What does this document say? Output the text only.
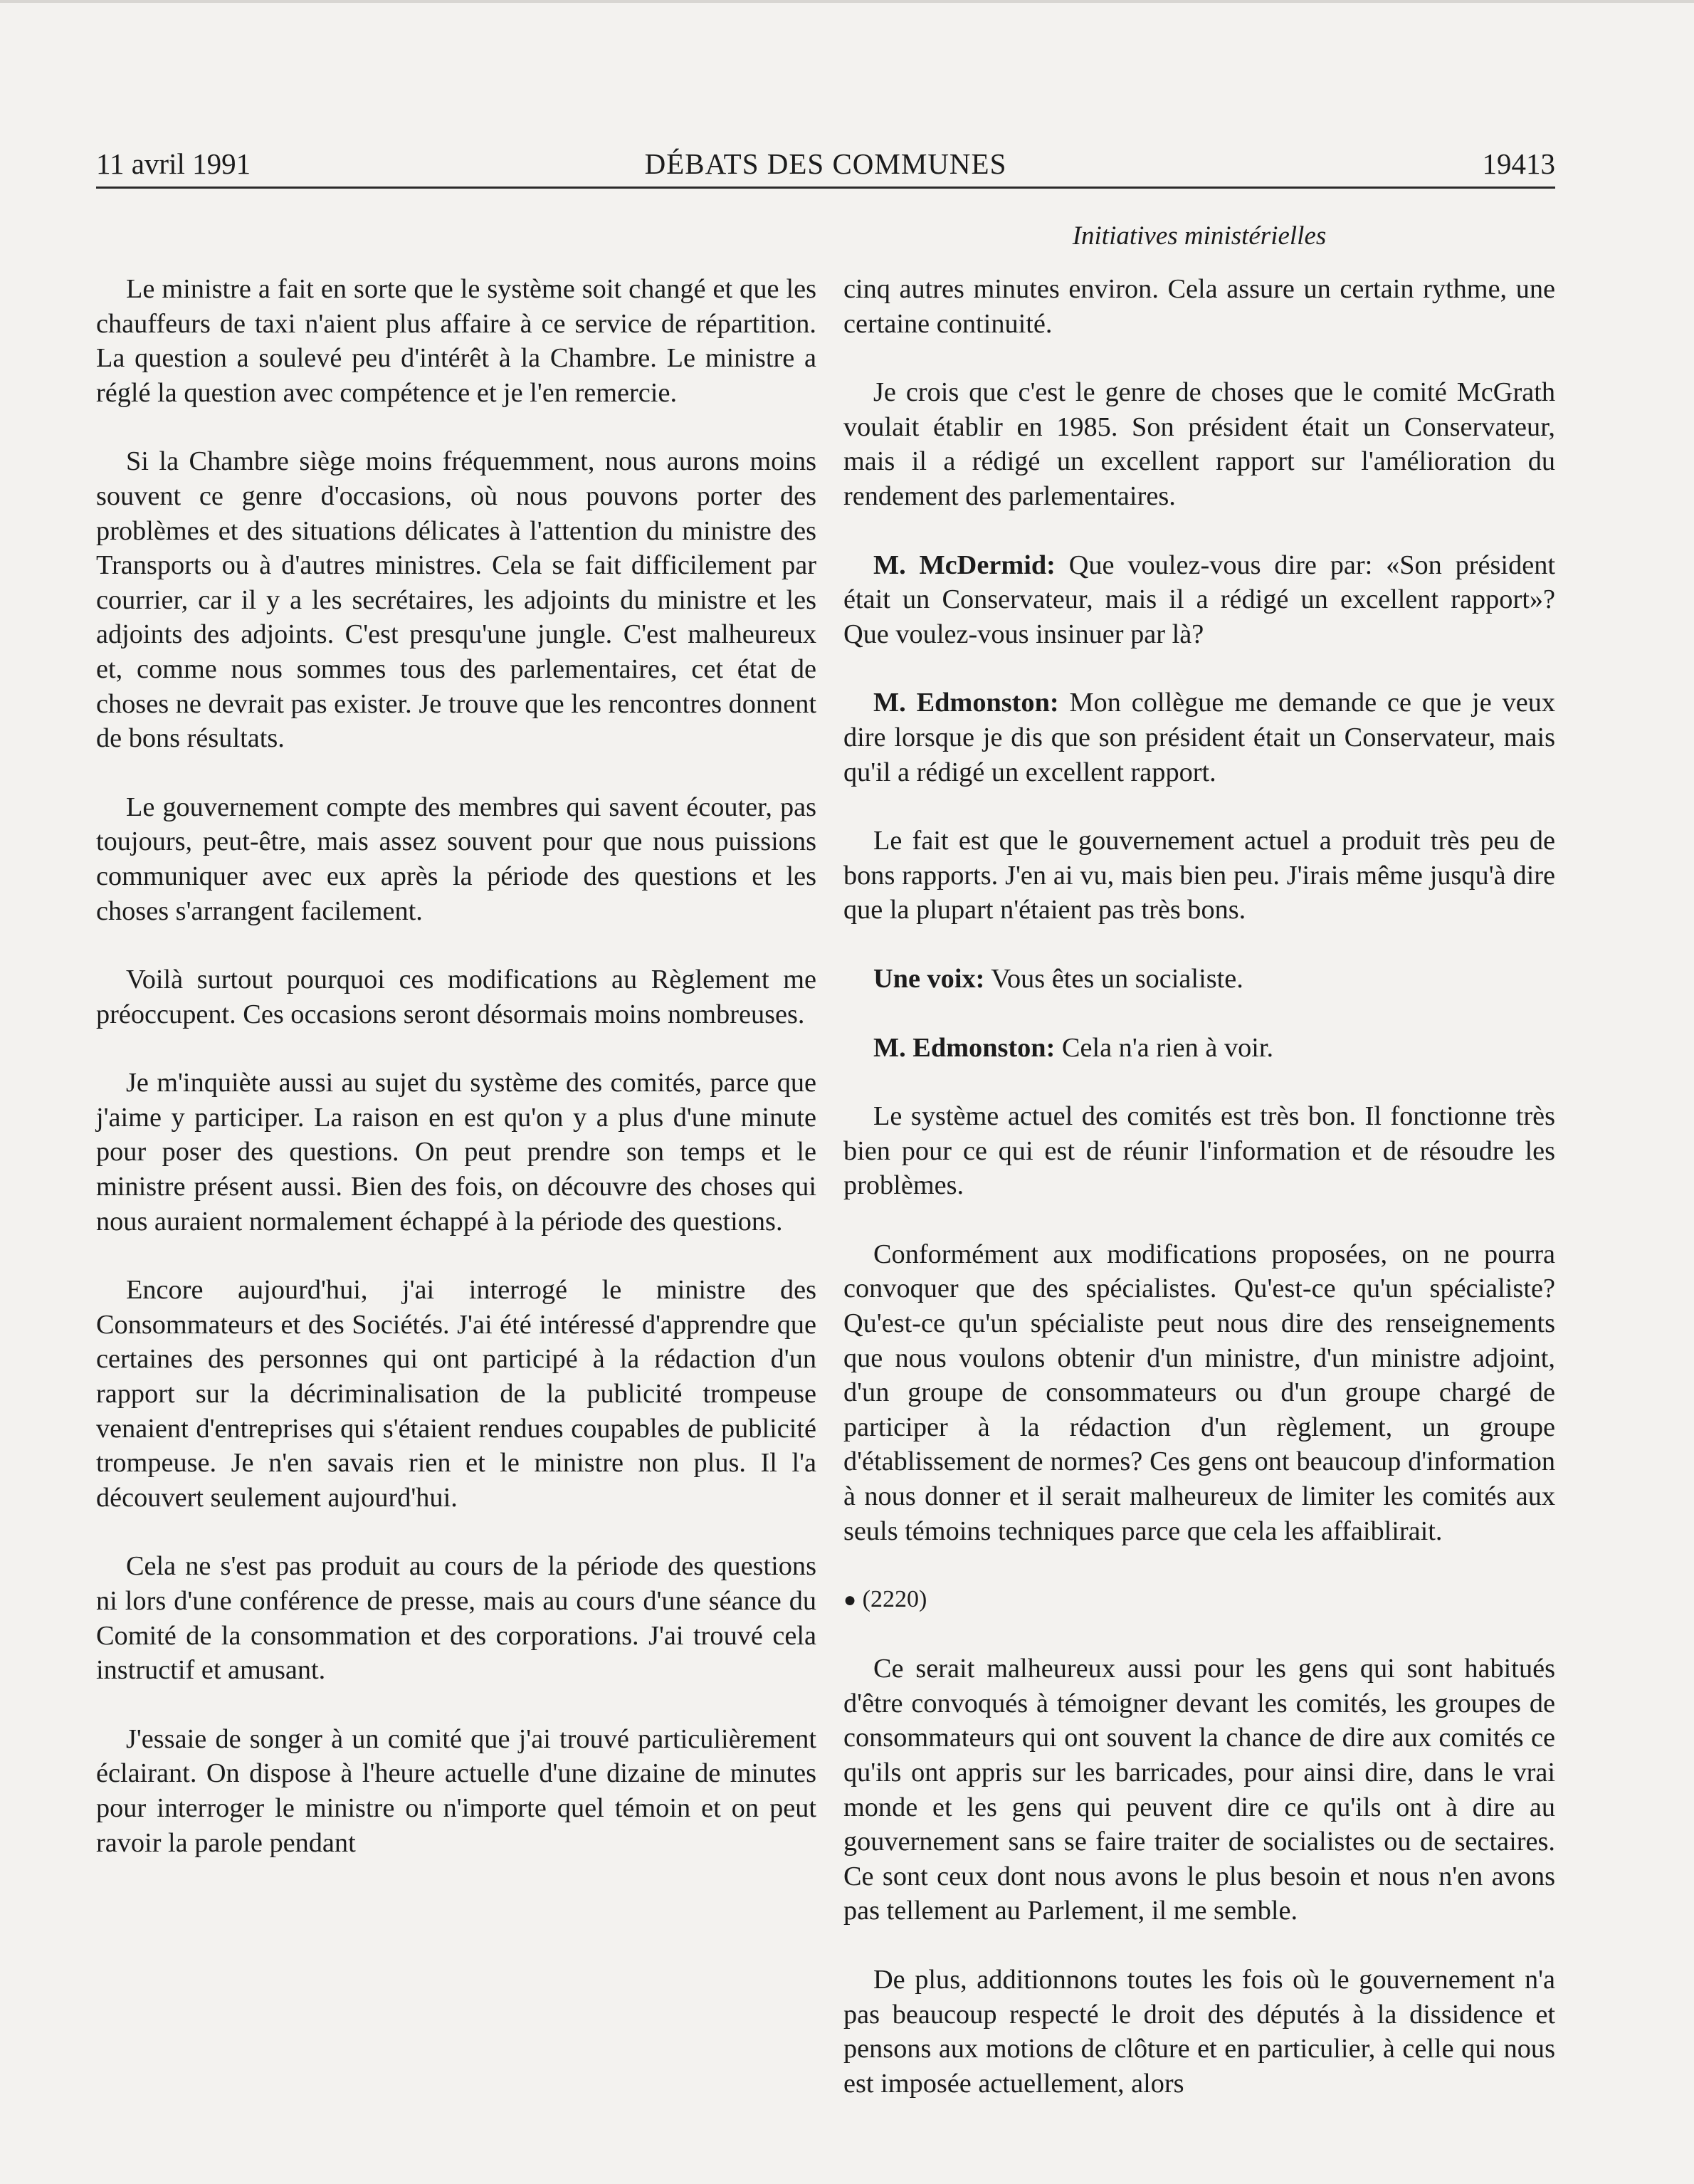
11 avril 1991	DÉBATS DES COMMUNES	19413
Initiatives ministérielles

Le ministre a fait en sorte que le système soit changé et que les chauffeurs de taxi n'aient plus affaire à ce service de répartition. La question a soulevé peu d'intérêt à la Chambre. Le ministre a réglé la question avec compétence et je l'en remercie.

Si la Chambre siège moins fréquemment, nous aurons moins souvent ce genre d'occasions, où nous pouvons porter des problèmes et des situations délicates à l'attention du ministre des Transports ou à d'autres ministres. Cela se fait difficilement par courrier, car il y a les secrétaires, les adjoints du ministre et les adjoints des adjoints. C'est presqu'une jungle. C'est malheureux et, comme nous sommes tous des parlementaires, cet état de choses ne devrait pas exister. Je trouve que les rencontres donnent de bons résultats.

Le gouvernement compte des membres qui savent écouter, pas toujours, peut-être, mais assez souvent pour que nous puissions communiquer avec eux après la période des questions et les choses s'arrangent facilement.

Voilà surtout pourquoi ces modifications au Règlement me préoccupent. Ces occasions seront désormais moins nombreuses.

Je m'inquiète aussi au sujet du système des comités, parce que j'aime y participer. La raison en est qu'on y a plus d'une minute pour poser des questions. On peut prendre son temps et le ministre présent aussi. Bien des fois, on découvre des choses qui nous auraient normalement échappé à la période des questions.

Encore aujourd'hui, j'ai interrogé le ministre des Consommateurs et des Sociétés. J'ai été intéressé d'apprendre que certaines des personnes qui ont participé à la rédaction d'un rapport sur la décriminalisation de la publicité trompeuse venaient d'entreprises qui s'étaient rendues coupables de publicité trompeuse. Je n'en savais rien et le ministre non plus. Il l'a découvert seulement aujourd'hui.

Cela ne s'est pas produit au cours de la période des questions ni lors d'une conférence de presse, mais au cours d'une séance du Comité de la consommation et des corporations. J'ai trouvé cela instructif et amusant.

J'essaie de songer à un comité que j'ai trouvé particulièrement éclairant. On dispose à l'heure actuelle d'une dizaine de minutes pour interroger le ministre ou n'importe quel témoin et on peut ravoir la parole pendant

cinq autres minutes environ. Cela assure un certain rythme, une certaine continuité.

Je crois que c'est le genre de choses que le comité McGrath voulait établir en 1985. Son président était un Conservateur, mais il a rédigé un excellent rapport sur l'amélioration du rendement des parlementaires.

M. McDermid: Que voulez-vous dire par: «Son président était un Conservateur, mais il a rédigé un excellent rapport»? Que voulez-vous insinuer par là?

M. Edmonston: Mon collègue me demande ce que je veux dire lorsque je dis que son président était un Conservateur, mais qu'il a rédigé un excellent rapport.

Le fait est que le gouvernement actuel a produit très peu de bons rapports. J'en ai vu, mais bien peu. J'irais même jusqu'à dire que la plupart n'étaient pas très bons.

Une voix: Vous êtes un socialiste.

M. Edmonston: Cela n'a rien à voir.

Le système actuel des comités est très bon. Il fonctionne très bien pour ce qui est de réunir l'information et de résoudre les problèmes.

Conformément aux modifications proposées, on ne pourra convoquer que des spécialistes. Qu'est-ce qu'un spécialiste? Qu'est-ce qu'un spécialiste peut nous dire des renseignements que nous voulons obtenir d'un ministre, d'un ministre adjoint, d'un groupe de consommateurs ou d'un groupe chargé de participer à la rédaction d'un règlement, un groupe d'établissement de normes? Ces gens ont beaucoup d'information à nous donner et il serait malheureux de limiter les comités aux seuls témoins techniques parce que cela les affaiblirait.

● (2220)

Ce serait malheureux aussi pour les gens qui sont habitués d'être convoqués à témoigner devant les comités, les groupes de consommateurs qui ont souvent la chance de dire aux comités ce qu'ils ont appris sur les barricades, pour ainsi dire, dans le vrai monde et les gens qui peuvent dire ce qu'ils ont à dire au gouvernement sans se faire traiter de socialistes ou de sectaires. Ce sont ceux dont nous avons le plus besoin et nous n'en avons pas tellement au Parlement, il me semble.

De plus, additionnons toutes les fois où le gouvernement n'a pas beaucoup respecté le droit des députés à la dissidence et pensons aux motions de clôture et en particulier, à celle qui nous est imposée actuellement, alors
